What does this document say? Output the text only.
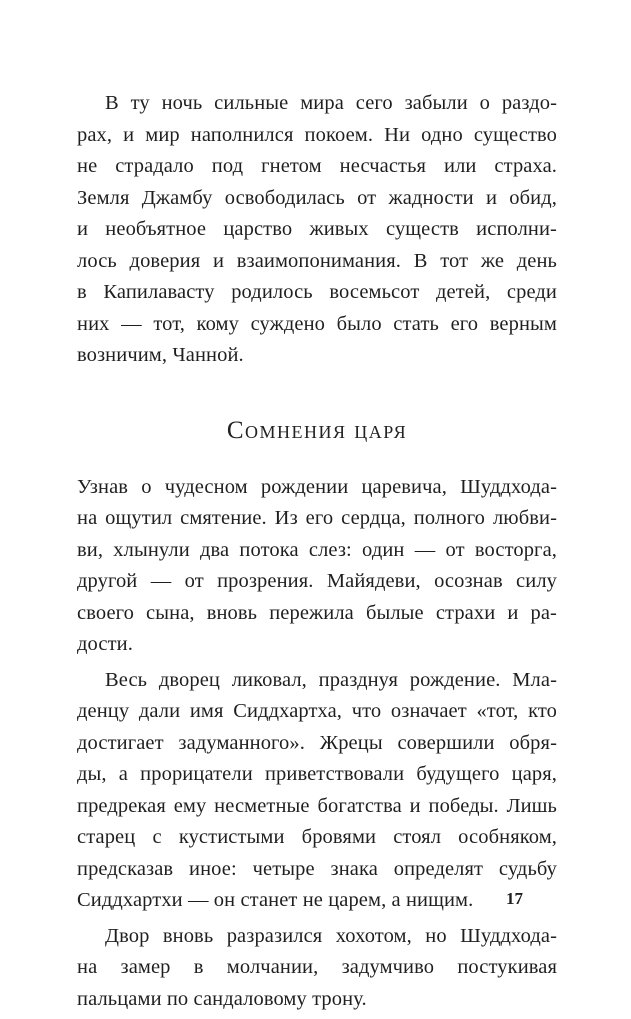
В ту ночь сильные мира сего забыли о раздо-
рах, и мир наполнился покоем. Ни одно существо
не страдало под гнетом несчастья или страха.
Земля Джамбу освободилась от жадности и обид,
и необъятное царство живых существ исполни-
лось доверия и взаимопонимания. В тот же день
в Капилавасту родилось восемьсот детей, среди
них — тот, кому суждено было стать его верным
возничим, Чанной.
Сомнения царя
Узнав о чудесном рождении царевича, Шуддхода-
на ощутил смятение. Из его сердца, полного любви-
ви, хлынули два потока слез: один — от восторга,
другой — от прозрения. Майядеви, осознав силу
своего сына, вновь пережила былые страхи и ра-
дости.
Весь дворец ликовал, празднуя рождение. Мла-
денцу дали имя Сиддхартха, что означает «тот, кто
достигает задуманного». Жрецы совершили обря-
ды, а прорицатели приветствовали будущего царя,
предрекая ему несметные богатства и победы. Лишь
старец с кустистыми бровями стоял особняком,
предсказав иное: четыре знака определят судьбу
Сиддхартхи — он станет не царем, а нищим.
Двор вновь разразился хохотом, но Шуддхода-
на замер в молчании, задумчиво постукивая
пальцами по сандаловому трону.
17
